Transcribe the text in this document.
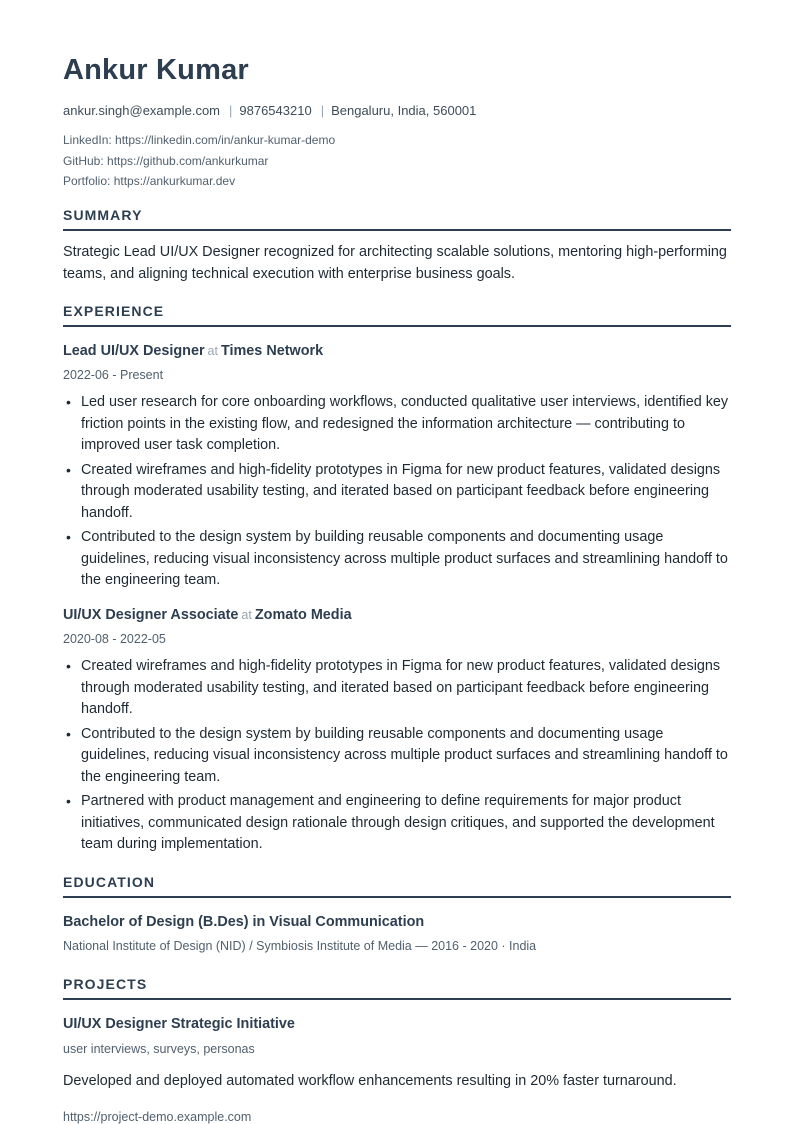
Ankur Kumar
ankur.singh@example.com | 9876543210 | Bengaluru, India, 560001
LinkedIn: https://linkedin.com/in/ankur-kumar-demo
GitHub: https://github.com/ankurkumar
Portfolio: https://ankurkumar.dev
SUMMARY
Strategic Lead UI/UX Designer recognized for architecting scalable solutions, mentoring high-performing teams, and aligning technical execution with enterprise business goals.
EXPERIENCE
Lead UI/UX Designer at Times Network
2022-06 - Present
• Led user research for core onboarding workflows, conducted qualitative user interviews, identified key friction points in the existing flow, and redesigned the information architecture — contributing to improved user task completion.
• Created wireframes and high-fidelity prototypes in Figma for new product features, validated designs through moderated usability testing, and iterated based on participant feedback before engineering handoff.
• Contributed to the design system by building reusable components and documenting usage guidelines, reducing visual inconsistency across multiple product surfaces and streamlining handoff to the engineering team.
UI/UX Designer Associate at Zomato Media
2020-08 - 2022-05
• Created wireframes and high-fidelity prototypes in Figma for new product features, validated designs through moderated usability testing, and iterated based on participant feedback before engineering handoff.
• Contributed to the design system by building reusable components and documenting usage guidelines, reducing visual inconsistency across multiple product surfaces and streamlining handoff to the engineering team.
• Partnered with product management and engineering to define requirements for major product initiatives, communicated design rationale through design critiques, and supported the development team during implementation.
EDUCATION
Bachelor of Design (B.Des) in Visual Communication
National Institute of Design (NID) / Symbiosis Institute of Media — 2016 - 2020 · India
PROJECTS
UI/UX Designer Strategic Initiative
user interviews, surveys, personas
Developed and deployed automated workflow enhancements resulting in 20% faster turnaround.
https://project-demo.example.com
